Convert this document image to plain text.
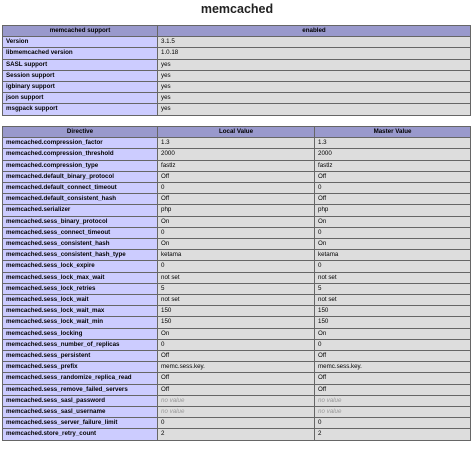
memcached
memcached support	enabled
Version	3.1.5
libmemcached version	1.0.18
SASL support	yes
Session support	yes
igbinary support	yes
json support	yes
msgpack support	yes
Directive	Local Value	Master Value
memcached.compression_factor	1.3	1.3
memcached.compression_threshold	2000	2000
memcached.compression_type	fastlz	fastlz
memcached.default_binary_protocol	Off	Off
memcached.default_connect_timeout	0	0
memcached.default_consistent_hash	Off	Off
memcached.serializer	php	php
memcached.sess_binary_protocol	On	On
memcached.sess_connect_timeout	0	0
memcached.sess_consistent_hash	On	On
memcached.sess_consistent_hash_type	ketama	ketama
memcached.sess_lock_expire	0	0
memcached.sess_lock_max_wait	not set	not set
memcached.sess_lock_retries	5	5
memcached.sess_lock_wait	not set	not set
memcached.sess_lock_wait_max	150	150
memcached.sess_lock_wait_min	150	150
memcached.sess_locking	On	On
memcached.sess_number_of_replicas	0	0
memcached.sess_persistent	Off	Off
memcached.sess_prefix	memc.sess.key.	memc.sess.key.
memcached.sess_randomize_replica_read	Off	Off
memcached.sess_remove_failed_servers	Off	Off
memcached.sess_sasl_password	no value	no value
memcached.sess_sasl_username	no value	no value
memcached.sess_server_failure_limit	0	0
memcached.store_retry_count	2	2
